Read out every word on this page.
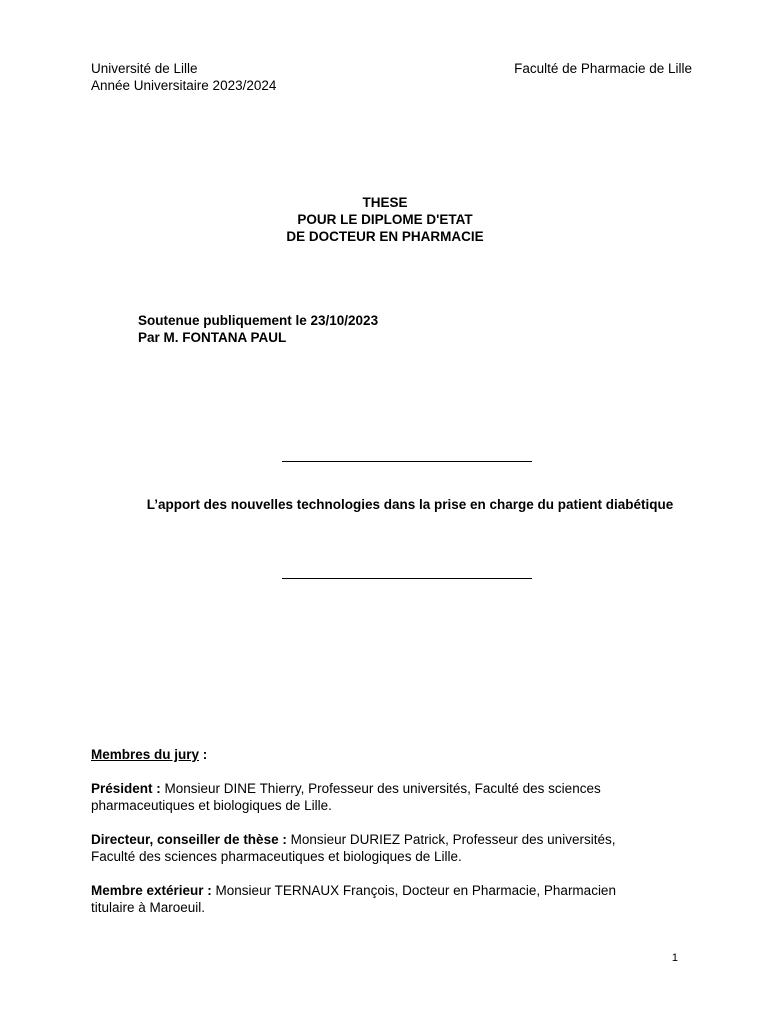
Université de Lille
Année Universitaire 2023/2024
Faculté de Pharmacie de Lille
THESE
POUR LE DIPLOME D'ETAT
DE DOCTEUR EN PHARMACIE
Soutenue publiquement le 23/10/2023
Par M. FONTANA PAUL
L’apport des nouvelles technologies dans la prise en charge du patient diabétique

Membres du jury :

Président : Monsieur DINE Thierry, Professeur des universités, Faculté des sciences pharmaceutiques et biologiques de Lille.

Directeur, conseiller de thèse : Monsieur DURIEZ Patrick, Professeur des universités, Faculté des sciences pharmaceutiques et biologiques de Lille.

Membre extérieur : Monsieur TERNAUX François, Docteur en Pharmacie, Pharmacien titulaire à Maroeuil.

1
